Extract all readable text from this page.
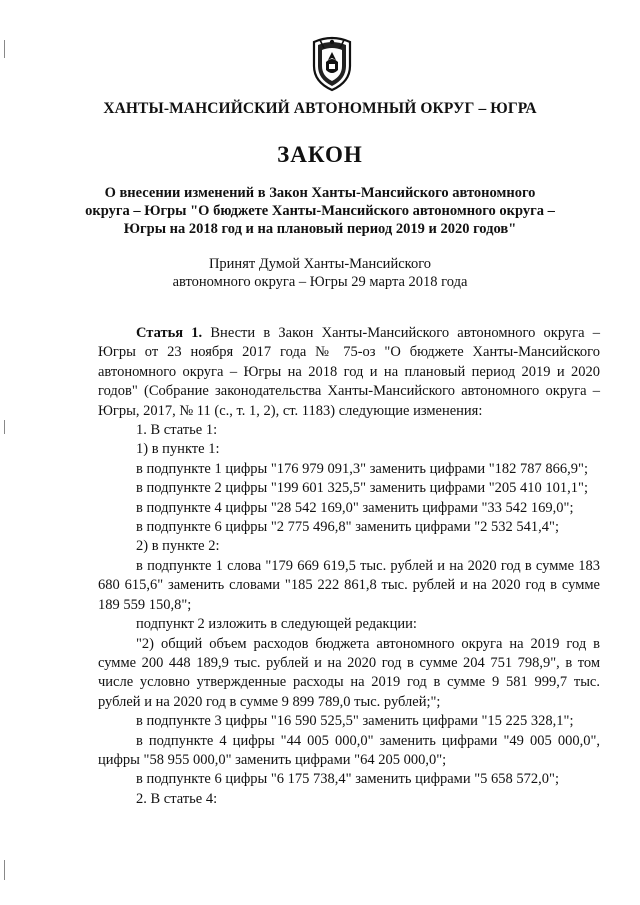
ХАНТЫ-МАНСИЙСКИЙ АВТОНОМНЫЙ ОКРУГ – ЮГРА
ЗАКОН
О внесении изменений в Закон Ханты-Мансийского автономного
округа – Югры "О бюджете Ханты-Мансийского автономного округа –
Югры на 2018 год и на плановый период 2019 и 2020 годов"
Принят Думой Ханты-Мансийского
автономного округа – Югры 29 марта 2018 года

Статья 1. Внести в Закон Ханты-Мансийского автономного округа – Югры от 23 ноября 2017 года № 75-оз "О бюджете Ханты-Мансийского автономного округа – Югры на 2018 год и на плановый период 2019 и 2020 годов" (Собрание законодательства Ханты-Мансийского автономного округа – Югры, 2017, № 11 (с., т. 1, 2), ст. 1183) следующие изменения:

1. В статье 1:

1) в пункте 1:

в подпункте 1 цифры "176 979 091,3" заменить цифрами "182 787 866,9";

в подпункте 2 цифры "199 601 325,5" заменить цифрами "205 410 101,1";

в подпункте 4 цифры "28 542 169,0" заменить цифрами "33 542 169,0";

в подпункте 6 цифры "2 775 496,8" заменить цифрами "2 532 541,4";

2) в пункте 2:

в подпункте 1 слова "179 669 619,5 тыс. рублей и на 2020 год в сумме 183 680 615,6" заменить словами "185 222 861,8 тыс. рублей и на 2020 год в сумме 189 559 150,8";

подпункт 2 изложить в следующей редакции:

"2) общий объем расходов бюджета автономного округа на 2019 год в сумме 200 448 189,9 тыс. рублей и на 2020 год в сумме 204 751 798,9", в том числе условно утвержденные расходы на 2019 год в сумме 9 581 999,7 тыс. рублей и на 2020 год в сумме 9 899 789,0 тыс. рублей;";

в подпункте 3 цифры "16 590 525,5" заменить цифрами "15 225 328,1";

в подпункте 4 цифры "44 005 000,0" заменить цифрами "49 005 000,0", цифры "58 955 000,0" заменить цифрами "64 205 000,0";

в подпункте 6 цифры "6 175 738,4" заменить цифрами "5 658 572,0";

2. В статье 4:
